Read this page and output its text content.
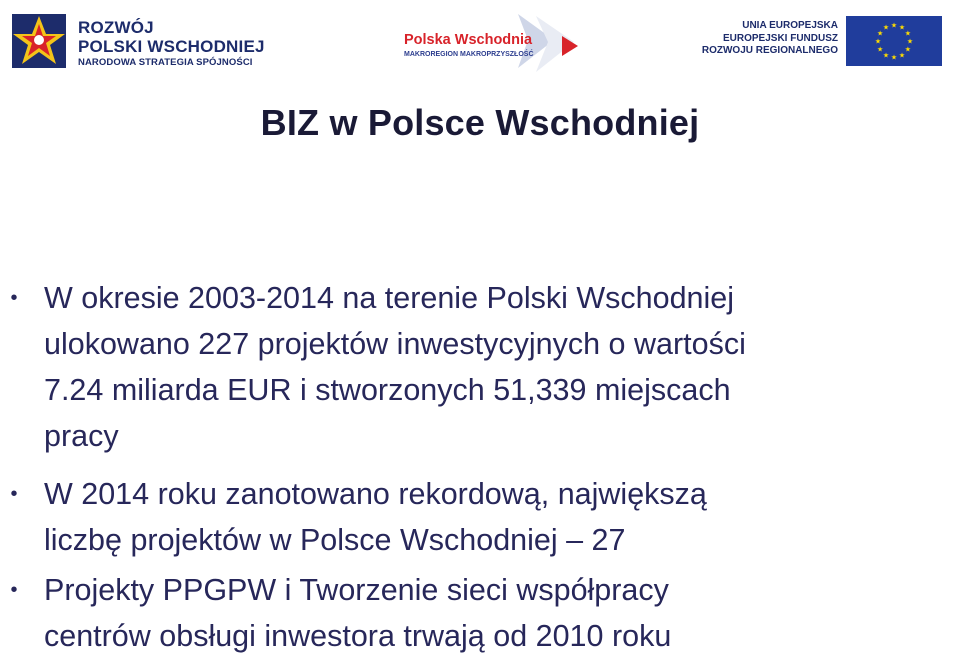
ROZWÓJ
POLSKI WSCHODNIEJ
NARODOWA STRATEGIA SPÓJNOŚCI
Polska Wschodnia
MAKROREGION MAKROPRZYSZŁOŚĆ
UNIA EUROPEJSKA
EUROPEJSKI FUNDUSZ
ROZWOJU REGIONALNEGO
★
★
★
★
★
★
★
★
★ ★ ★
★
BIZ w Polsce Wschodniej
• W okresie 2003-2014 na terenie Polski Wschodniej
ulokowano 227 projektów inwestycyjnych o wartości
7.24 miliarda EUR i stworzonych 51,339 miejscach
pracy
• W 2014 roku zanotowano rekordową, największą
liczbę projektów w Polsce Wschodniej – 27
• Projekty PPGPW i Tworzenie sieci współpracy
centrów obsługi inwestora trwają od 2010 roku
